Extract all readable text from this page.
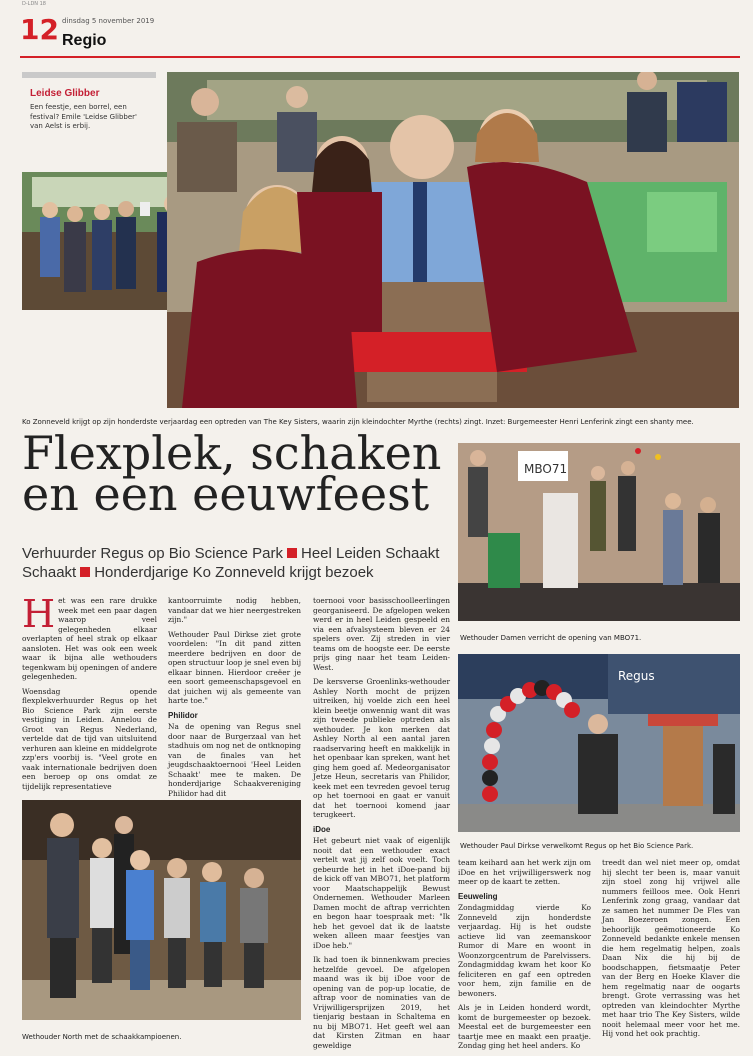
D-LDN 18
12 dinsdag 5 november 2019
Regio
Leidse Glibber

Een feestje, een borrel, een festival? Emile 'Leidse Glibber' van Aelst is erbij.

Ko Zonneveld krijgt op zijn honderdste verjaardag een optreden van The Key Sisters, waarin zijn kleindochter Myrthe (rechts) zingt. Inzet: Burgemeester Henri Lenferink zingt een shanty mee.
Flexplek, schaken en een eeuwfeest
Verhuurder Regus op Bio Science Park Heel Leiden Schaakt
Schaakt Honderdjarige Ko Zonneveld krijgt bezoek
MBO71
Wethouder Damen verricht de opening van MBO71.
Regus
Wethouder Paul Dirkse verwelkomt Regus op het Bio Science Park.
Wethouder North met de schaakkampioenen.

Het was een rare drukke week met een paar dagen waarop veel gelegenheden elkaar overlapten of heel strak op elkaar aansloten. Het was ook een week waar ik bijna alle wethouders tegenkwam bij openingen of andere gelegenheden.

Woensdag opende flexplekverhuurder Regus op het Bio Science Park zijn eerste vestiging in Leiden. Annelou de Groot van Regus Nederland, vertelde dat de tijd van uitsluitend verhuren aan kleine en middelgrote zzp'ers voorbij is. "Veel grote en vaak internationale bedrijven doen een beroep op ons omdat ze tijdelijk representatieve

kantoorruimte nodig hebben, vandaar dat we hier neergestreken zijn."

Wethouder Paul Dirkse ziet grote voordelen: "In dit pand zitten meerdere bedrijven en door de open structuur loop je snel even bij elkaar binnen. Hierdoor creëer je een soort gemeenschapsgevoel en dat juichen wij als gemeente van harte toe."

Philidor

Na de opening van Regus snel door naar de Burgerzaal van het stadhuis om nog net de ontknoping van de finales van het jeugdschaaktoernooi 'Heel Leiden Schaakt' mee te maken. De honderdjarige Schaakvereniging Philidor had dit

toernooi voor basisschoolleerlingen georganiseerd. De afgelopen weken werd er in heel Leiden gespeeld en via een afvalsysteem bleven er 24 spelers over. Zij streden in vier teams om de hoogste eer. De eerste prijs ging naar het team Leiden-West.

De kersverse Groenlinks-wethouder Ashley North mocht de prijzen uitreiken, hij voelde zich een heel klein beetje onwennig want dit was zijn tweede publieke optreden als wethouder. Je kon merken dat Ashley North al een aantal jaren raadservaring heeft en makkelijk in het openbaar kan spreken, want het ging hem goed af. Medeorganisator Jetze Heun, secretaris van Philidor, keek met een tevreden gevoel terug op het toernooi en gaat er vanuit dat het toernooi komend jaar terugkeert.

iDoe

Het gebeurt niet vaak of eigenlijk nooit dat een wethouder exact vertelt wat jij zelf ook voelt. Toch gebeurde het in het iDoe-pand bij de kick off van MBO71, het platform voor Maatschappelijk Bewust Ondernemen. Wethouder Marleen Damen mocht de aftrap verrichten en begon haar toespraak met: "Ik heb het gevoel dat ik de laatste weken alleen maar feestjes van iDoe heb."

Ik had toen ik binnenkwam precies hetzelfde gevoel. De afgelopen maand was ik bij iDoe voor de opening van de pop-up locatie, de aftrap voor de nominaties van de Vrijwilligersprijzen 2019, het tienjarig bestaan in Schaltema en nu bij MBO71. Het geeft wel aan dat Kirsten Zitman en haar geweldige

team keihard aan het werk zijn om iDoe en het vrijwilligerswerk nog meer op de kaart te zetten.

Eeuweling

Zondagmiddag vierde Ko Zonneveld zijn honderdste verjaardag. Hij is het oudste actieve lid van zeemanskoor Rumor di Mare en woont in Woonzorgcentrum de Parelvissers. Zondagmiddag kwam het koor Ko feliciteren en gaf een optreden voor hem, zijn familie en de bewoners.

Als je in Leiden honderd wordt, komt de burgemeester op bezoek. Meestal eet de burgemeester een taartje mee en maakt een praatje. Zondag ging het heel anders. Ko

treedt dan wel niet meer op, omdat hij slecht ter been is, maar vanuit zijn stoel zong hij vrijwel alle nummers feilloos mee. Ook Henri Lenferink zong graag, vandaar dat ze samen het nummer De Fles van Jan Boezeroen zongen. Een behoorlijk geëmotioneerde Ko Zonneveld bedankte enkele mensen die hem regelmatig helpen, zoals Daan Nix die hij bij de boodschappen, fietsmaatje Peter van der Berg en Hoeke Klaver die hem regelmatig naar de oogarts brengt. Grote verrassing was het optreden van kleindochter Myrthe met haar trio The Key Sisters, wilde nooit helemaal meer voor het me. Hij vond het ook prachtig.
